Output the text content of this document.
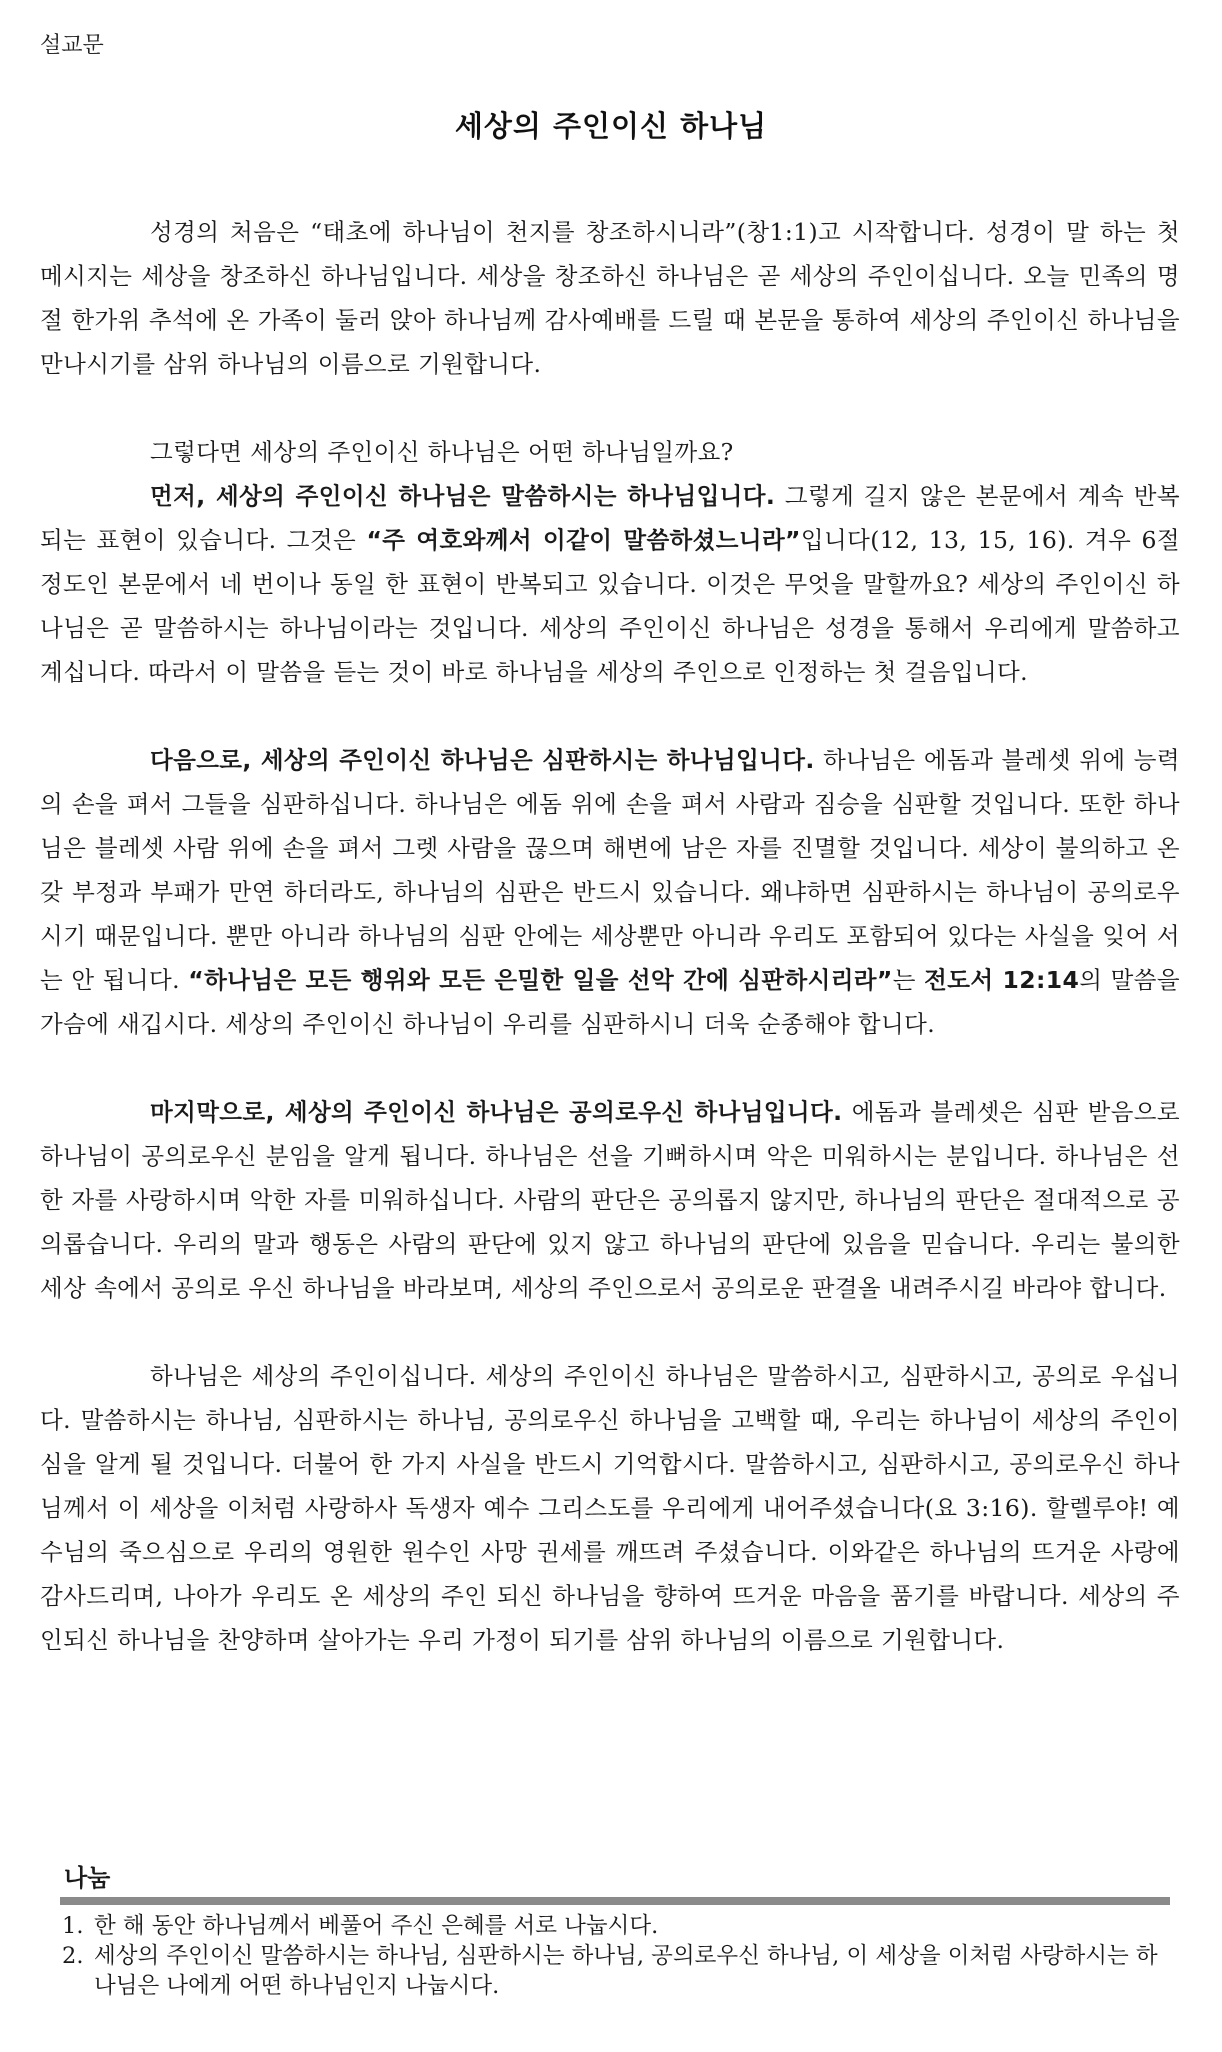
설교문
세상의 주인이신 하나님

성경의 처음은 “태초에 하나님이 천지를 창조하시니라”(창1:1)고 시작합니다. 성경이 말 하는 첫 메시지는 세상을 창조하신 하나님입니다. 세상을 창조하신 하나님은 곧 세상의 주인이십니다. 오늘 민족의 명절 한가위 추석에 온 가족이 둘러 앉아 하나님께 감사예배를 드릴 때 본문을 통하여 세상의 주인이신 하나님을 만나시기를 삼위 하나님의 이름으로 기원합니다.

그렇다면 세상의 주인이신 하나님은 어떤 하나님일까요?

먼저, 세상의 주인이신 하나님은 말씀하시는 하나님입니다. 그렇게 길지 않은 본문에서 계속 반복되는 표현이 있습니다. 그것은 “주 여호와께서 이같이 말씀하셨느니라”입니다(12, 13, 15, 16). 겨우 6절 정도인 본문에서 네 번이나 동일 한 표현이 반복되고 있습니다. 이것은 무엇을 말할까요? 세상의 주인이신 하나님은 곧 말씀하시는 하나님이라는 것입니다. 세상의 주인이신 하나님은 성경을 통해서 우리에게 말씀하고 계십니다. 따라서 이 말씀을 듣는 것이 바로 하나님을 세상의 주인으로 인정하는 첫 걸음입니다.

다음으로, 세상의 주인이신 하나님은 심판하시는 하나님입니다. 하나님은 에돔과 블레셋 위에 능력의 손을 펴서 그들을 심판하십니다. 하나님은 에돔 위에 손을 펴서 사람과 짐승을 심판할 것입니다. 또한 하나님은 블레셋 사람 위에 손을 펴서 그렛 사람을 끊으며 해변에 남은 자를 진멸할 것입니다. 세상이 불의하고 온갖 부정과 부패가 만연 하더라도, 하나님의 심판은 반드시 있습니다. 왜냐하면 심판하시는 하나님이 공의로우시기 때문입니다. 뿐만 아니라 하나님의 심판 안에는 세상뿐만 아니라 우리도 포함되어 있다는 사실을 잊어 서는 안 됩니다. “하나님은 모든 행위와 모든 은밀한 일을 선악 간에 심판하시리라”는 전도서 12:14의 말씀을 가슴에 새깁시다. 세상의 주인이신 하나님이 우리를 심판하시니 더욱 순종해야 합니다.

마지막으로, 세상의 주인이신 하나님은 공의로우신 하나님입니다. 에돔과 블레셋은 심판 받음으로 하나님이 공의로우신 분임을 알게 됩니다. 하나님은 선을 기뻐하시며 악은 미워하시는 분입니다. 하나님은 선한 자를 사랑하시며 악한 자를 미워하십니다. 사람의 판단은 공의롭지 않지만, 하나님의 판단은 절대적으로 공의롭습니다. 우리의 말과 행동은 사람의 판단에 있지 않고 하나님의 판단에 있음을 믿습니다. 우리는 불의한 세상 속에서 공의로 우신 하나님을 바라보며, 세상의 주인으로서 공의로운 판결올 내려주시길 바라야 합니다.

하나님은 세상의 주인이십니다. 세상의 주인이신 하나님은 말씀하시고, 심판하시고, 공의로 우십니다. 말씀하시는 하나님, 심판하시는 하나님, 공의로우신 하나님을 고백할 때, 우리는 하나님이 세상의 주인이심을 알게 될 것입니다. 더불어 한 가지 사실을 반드시 기억합시다. 말씀하시고, 심판하시고, 공의로우신 하나님께서 이 세상을 이처럼 사랑하사 독생자 예수 그리스도를 우리에게 내어주셨습니다(요 3:16). 할렐루야! 예수님의 죽으심으로 우리의 영원한 원수인 사망 권세를 깨뜨려 주셨습니다. 이와같은 하나님의 뜨거운 사랑에 감사드리며, 나아가 우리도 온 세상의 주인 되신 하나님을 향하여 뜨거운 마음을 품기를 바랍니다. 세상의 주인되신 하나님을 찬양하며 살아가는 우리 가정이 되기를 삼위 하나님의 이름으로 기원합니다.

나눔
1. 한 해 동안 하나님께서 베풀어 주신 은혜를 서로 나눕시다.
2. 세상의 주인이신 말씀하시는 하나님, 심판하시는 하나님, 공의로우신 하나님, 이 세상을 이처럼 사랑하시는 하나님은 나에게 어떤 하나님인지 나눕시다.
